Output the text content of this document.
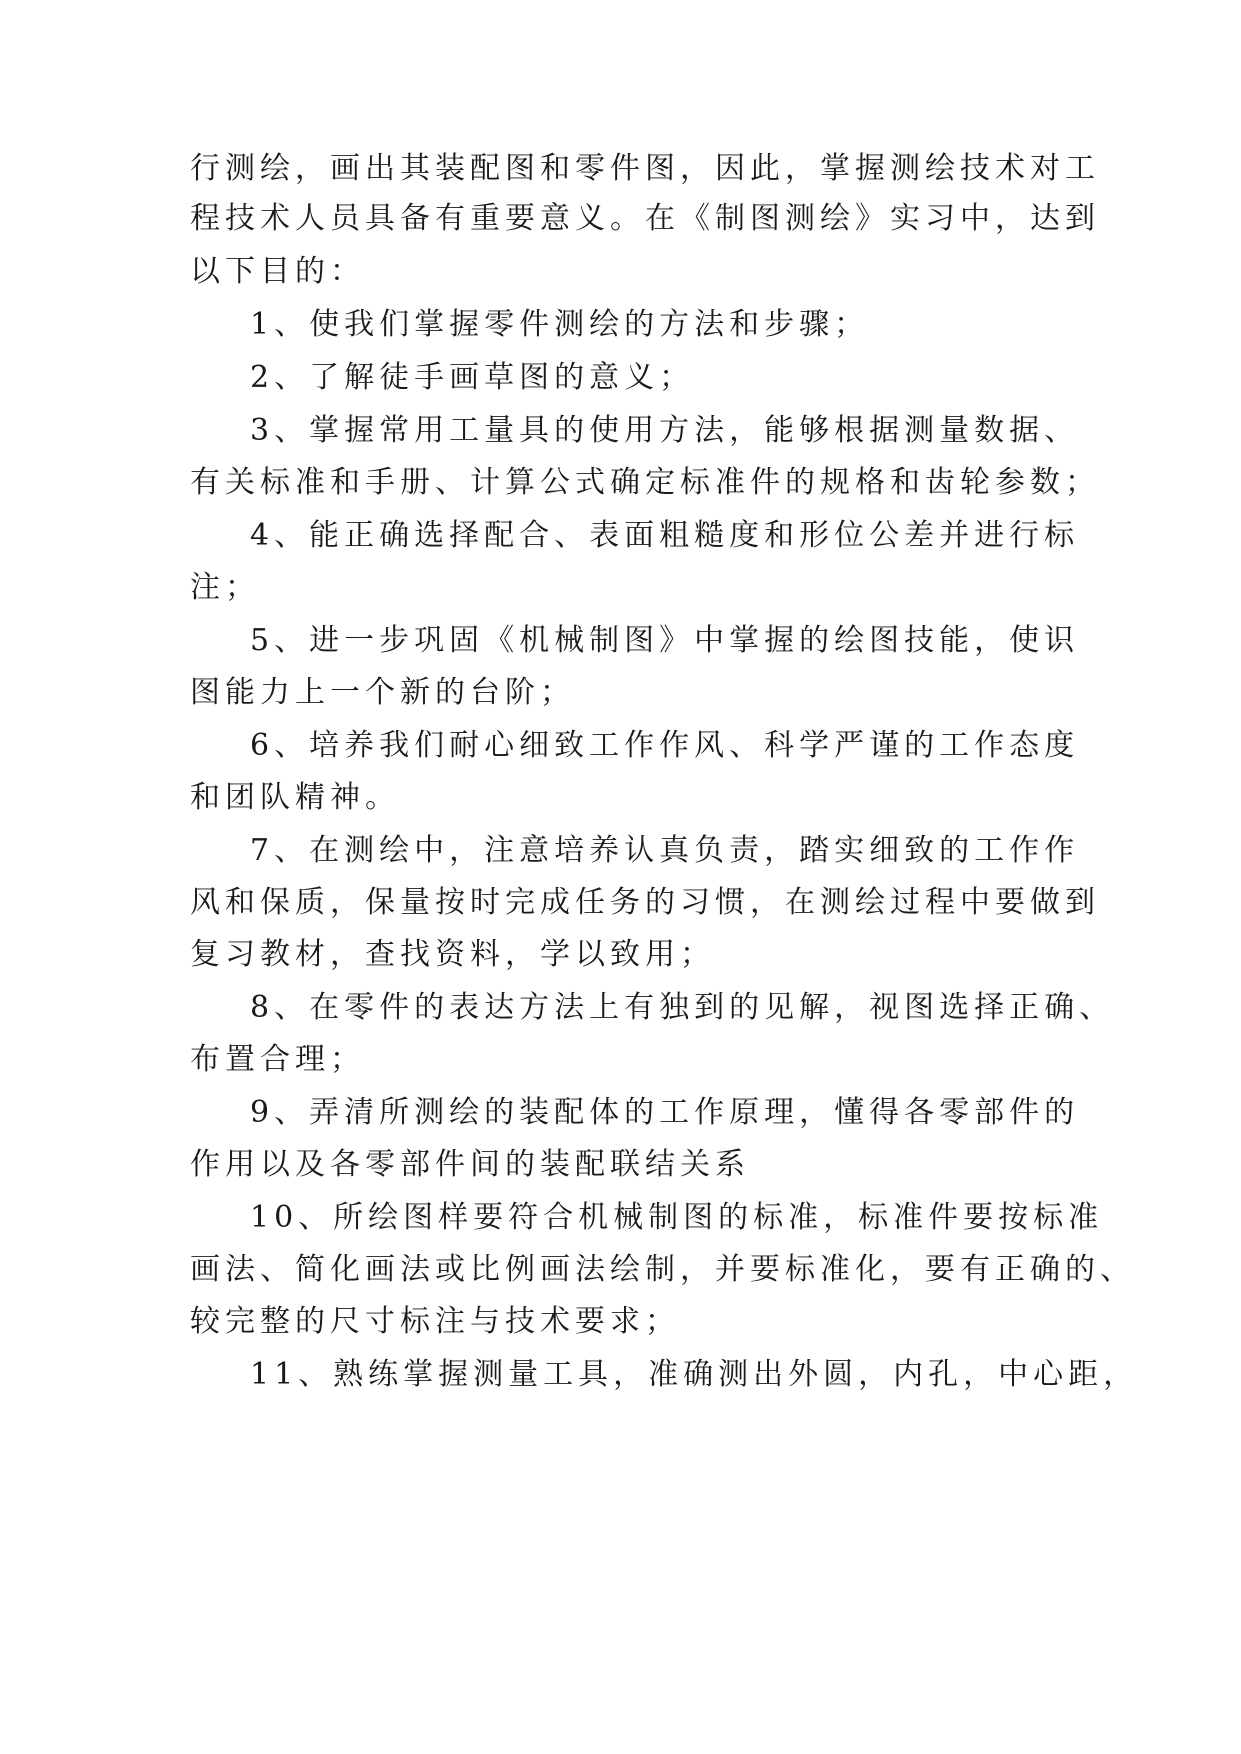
行测绘，画出其装配图和零件图，因此，掌握测绘技术对工
程技术人员具备有重要意义。在《制图测绘》实习中，达到
以下目的：
1、使我们掌握零件测绘的方法和步骤；
2、了解徒手画草图的意义；
3、掌握常用工量具的使用方法，能够根据测量数据、
有关标准和手册、计算公式确定标准件的规格和齿轮参数；
4、能正确选择配合、表面粗糙度和形位公差并进行标
注；
5、进一步巩固《机械制图》中掌握的绘图技能，使识
图能力上一个新的台阶；
6、培养我们耐心细致工作作风、科学严谨的工作态度
和团队精神。
7、在测绘中，注意培养认真负责，踏实细致的工作作
风和保质，保量按时完成任务的习惯，在测绘过程中要做到
复习教材，查找资料，学以致用；
8、在零件的表达方法上有独到的见解，视图选择正确、
布置合理；
9、弄清所测绘的装配体的工作原理，懂得各零部件的
作用以及各零部件间的装配联结关系
10、所绘图样要符合机械制图的标准，标准件要按标准
画法、简化画法或比例画法绘制，并要标准化，要有正确的、
较完整的尺寸标注与技术要求；
11、熟练掌握测量工具，准确测出外圆，内孔，中心距，
